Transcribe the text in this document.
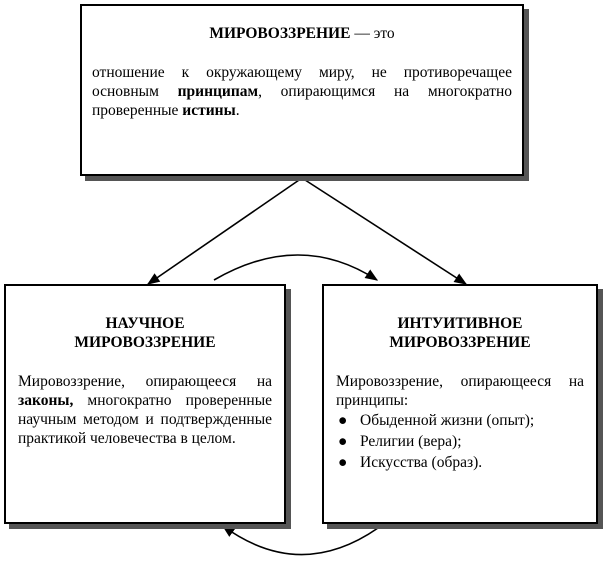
МИРОВОЗЗРЕНИЕ — это
отношение к окружающему миру, не противоречащее основным принципам, опирающимся на многократно проверенные истины.
НАУЧНОЕ
МИРОВОЗЗРЕНИЕ
Мировоззрение, опирающееся на законы, многократно проверенные научным методом и подтвержденные практикой человечества в целом.
ИНТУИТИВНОЕ
МИРОВОЗЗРЕНИЕ
Мировоззрение, опирающееся на принципы:
● Обыденной жизни (опыт);
● Религии (вера);
● Искусства (образ).
